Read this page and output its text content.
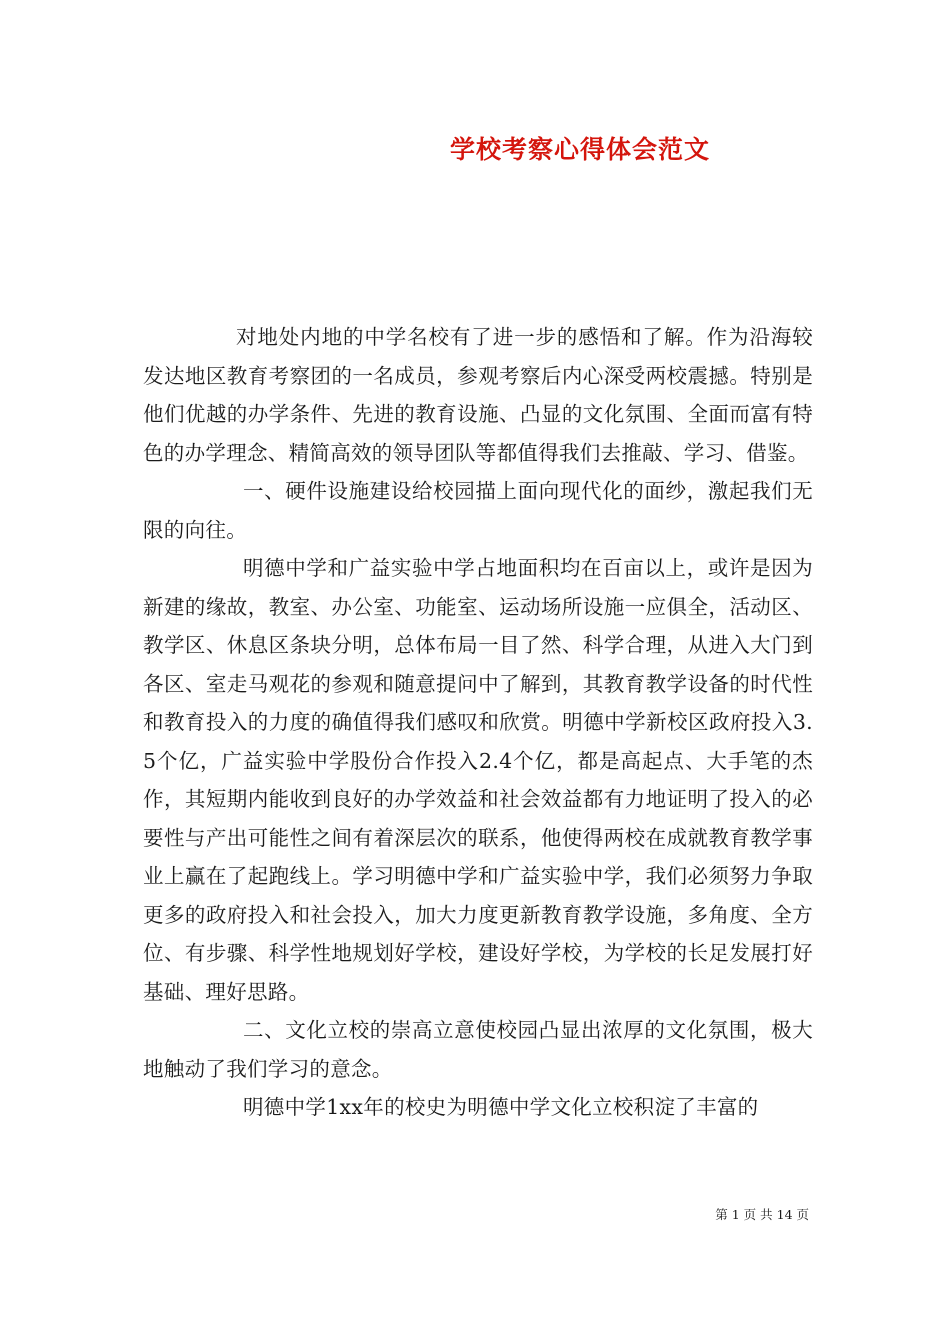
学校考察心得体会范文

对地处内地的中学名校有了进一步的感悟和了解。作为沿海较发达地区教育考察团的一名成员，参观考察后内心深受两校震撼。特别是他们优越的办学条件、先进的教育设施、凸显的文化氛围、全面而富有特色的办学理念、精简高效的领导团队等都值得我们去推敲、学习、借鉴。

一、硬件设施建设给校园描上面向现代化的面纱，激起我们无限的向往。

明德中学和广益实验中学占地面积均在百亩以上，或许是因为新建的缘故，教室、办公室、功能室、运动场所设施一应俱全，活动区、教学区、休息区条块分明，总体布局一目了然、科学合理，从进入大门到各区、室走马观花的参观和随意提问中了解到，其教育教学设备的时代性和教育投入的力度的确值得我们感叹和欣赏。明德中学新校区政府投入3.5个亿，广益实验中学股份合作投入2.4个亿，都是高起点、大手笔的杰作，其短期内能收到良好的办学效益和社会效益都有力地证明了投入的必要性与产出可能性之间有着深层次的联系，他使得两校在成就教育教学事业上赢在了起跑线上。学习明德中学和广益实验中学，我们必须努力争取更多的政府投入和社会投入，加大力度更新教育教学设施，多角度、全方位、有步骤、科学性地规划好学校，建设好学校，为学校的长足发展打好基础、理好思路。

二、文化立校的崇高立意使校园凸显出浓厚的文化氛围，极大地触动了我们学习的意念。

明德中学1xx年的校史为明德中学文化立校积淀了丰富的

第 1 页 共 14 页
